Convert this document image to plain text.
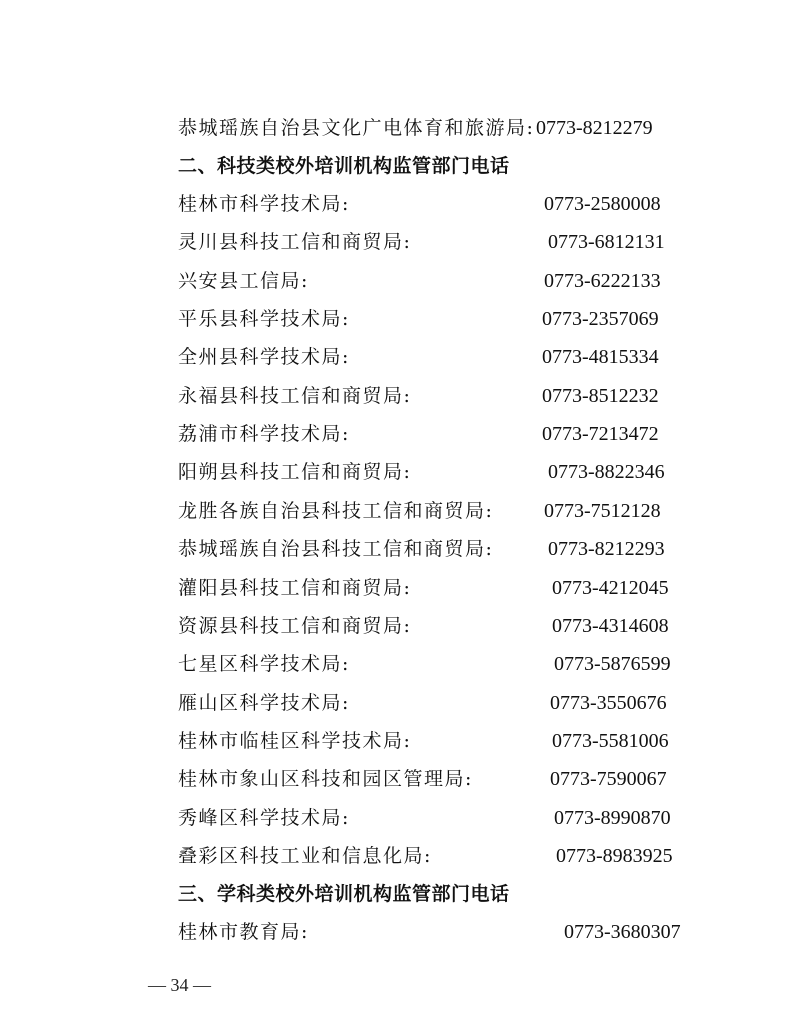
恭城瑶族自治县文化广电体育和旅游局: 0773-8212279
二、科技类校外培训机构监管部门电话
桂林市科学技术局:	0773-2580008
灵川县科技工信和商贸局:	0773-6812131
兴安县工信局:	0773-6222133
平乐县科学技术局:	0773-2357069
全州县科学技术局:	0773-4815334
永福县科技工信和商贸局:	0773-8512232
荔浦市科学技术局:	0773-7213472
阳朔县科技工信和商贸局:	0773-8822346
龙胜各族自治县科技工信和商贸局:	0773-7512128
恭城瑶族自治县科技工信和商贸局:	0773-8212293
灌阳县科技工信和商贸局:	0773-4212045
资源县科技工信和商贸局:	0773-4314608
七星区科学技术局:	0773-5876599
雁山区科学技术局:	0773-3550676
桂林市临桂区科学技术局:	0773-5581006
桂林市象山区科技和园区管理局:	0773-7590067
秀峰区科学技术局:	0773-8990870
叠彩区科技工业和信息化局:	0773-8983925
三、学科类校外培训机构监管部门电话
桂林市教育局:	0773-3680307
— 34 —
